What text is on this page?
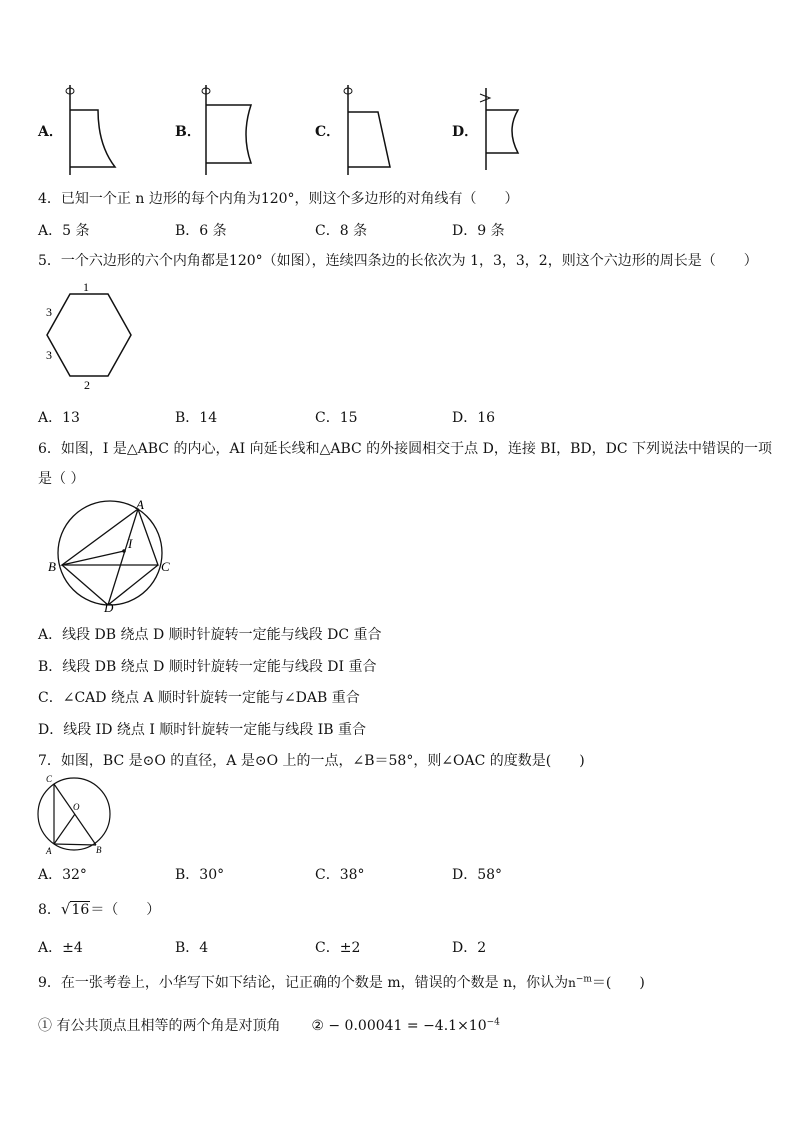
A．	B．	C．	D．
4．已知一个正 n 边形的每个内角为120°，则这个多边形的对角线有（　　）
A．5 条	B．6 条	C．8 条	D．9 条
5．一个六边形的六个内角都是120°（如图），连续四条边的长依次为 1，3，3，2，则这个六边形的周长是（　　）
1
3
3
2
A．13	B．14	C．15	D．16
6．如图，I 是△ABC 的内心，AI 向延长线和△ABC 的外接圆相交于点 D，连接 BI，BD，DC 下列说法中错误的一项
是（ ）
A
B	C
D
I
A．线段 DB 绕点 D 顺时针旋转一定能与线段 DC 重合
B．线段 DB 绕点 D 顺时针旋转一定能与线段 DI 重合
C．∠CAD 绕点 A 顺时针旋转一定能与∠DAB 重合
D．线段 ID 绕点 I 顺时针旋转一定能与线段 IB 重合
7．如图，BC 是⊙O 的直径，A 是⊙O 上的一点，∠B＝58°，则∠OAC 的度数是(　　)
C
O
A	B
A．32°	B．30°	C．38°	D．58°
8．√16＝（　　）
A．±4	B．4	C．±2	D．2
9．在一张考卷上，小华写下如下结论，记正确的个数是 m，错误的个数是 n，你认为$n^{-m}=$(　　)
① 有公共顶点且相等的两个角是对顶角 ② − $0.00041 = -4.1\times 10^{-4}$
